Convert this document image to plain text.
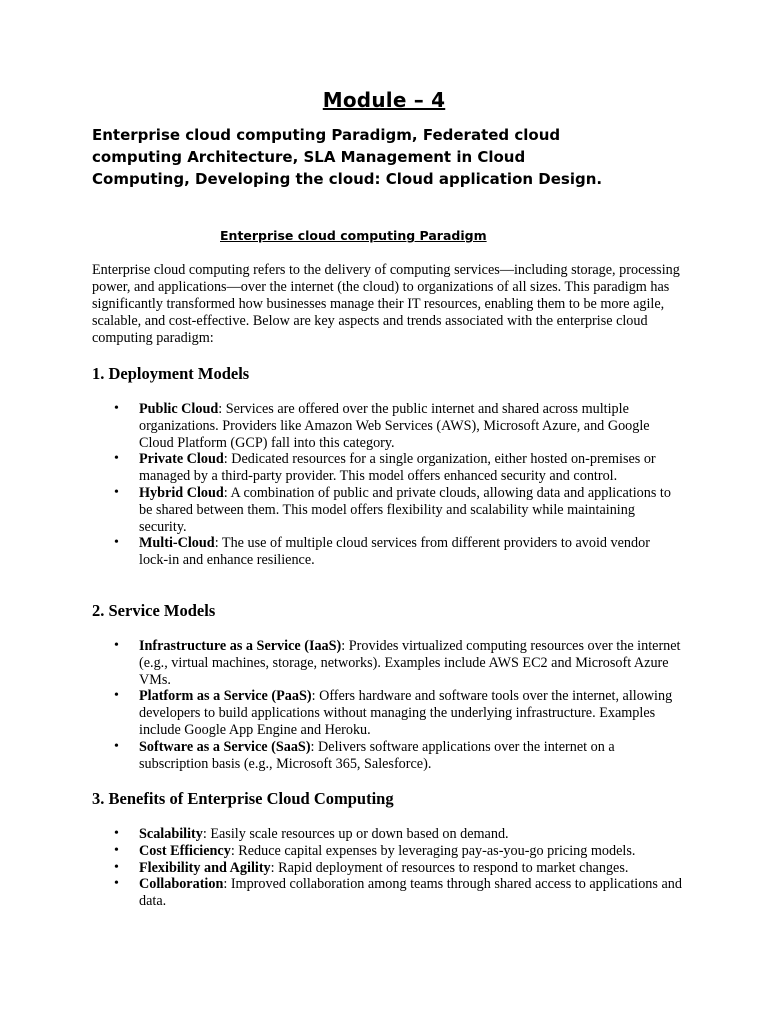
Module – 4

Enterprise cloud computing Paradigm, Federated cloud computing Architecture, SLA Management in Cloud Computing, Developing the cloud: Cloud application Design.

Enterprise cloud computing Paradigm

Enterprise cloud computing refers to the delivery of computing services—including storage, processing power, and applications—over the internet (the cloud) to organizations of all sizes. This paradigm has significantly transformed how businesses manage their IT resources, enabling them to be more agile, scalable, and cost-effective. Below are key aspects and trends associated with the enterprise cloud computing paradigm:

1. Deployment Models
• Public Cloud: Services are offered over the public internet and shared across multiple organizations. Providers like Amazon Web Services (AWS), Microsoft Azure, and Google Cloud Platform (GCP) fall into this category.
• Private Cloud: Dedicated resources for a single organization, either hosted on-premises or managed by a third-party provider. This model offers enhanced security and control.
• Hybrid Cloud: A combination of public and private clouds, allowing data and applications to be shared between them. This model offers flexibility and scalability while maintaining security.
• Multi-Cloud: The use of multiple cloud services from different providers to avoid vendor lock-in and enhance resilience.
2. Service Models
• Infrastructure as a Service (IaaS): Provides virtualized computing resources over the internet (e.g., virtual machines, storage, networks). Examples include AWS EC2 and Microsoft Azure VMs.
• Platform as a Service (PaaS): Offers hardware and software tools over the internet, allowing developers to build applications without managing the underlying infrastructure. Examples include Google App Engine and Heroku.
• Software as a Service (SaaS): Delivers software applications over the internet on a subscription basis (e.g., Microsoft 365, Salesforce).
3. Benefits of Enterprise Cloud Computing
• Scalability: Easily scale resources up or down based on demand.
• Cost Efficiency: Reduce capital expenses by leveraging pay-as-you-go pricing models.
• Flexibility and Agility: Rapid deployment of resources to respond to market changes.
• Collaboration: Improved collaboration among teams through shared access to applications and data.
